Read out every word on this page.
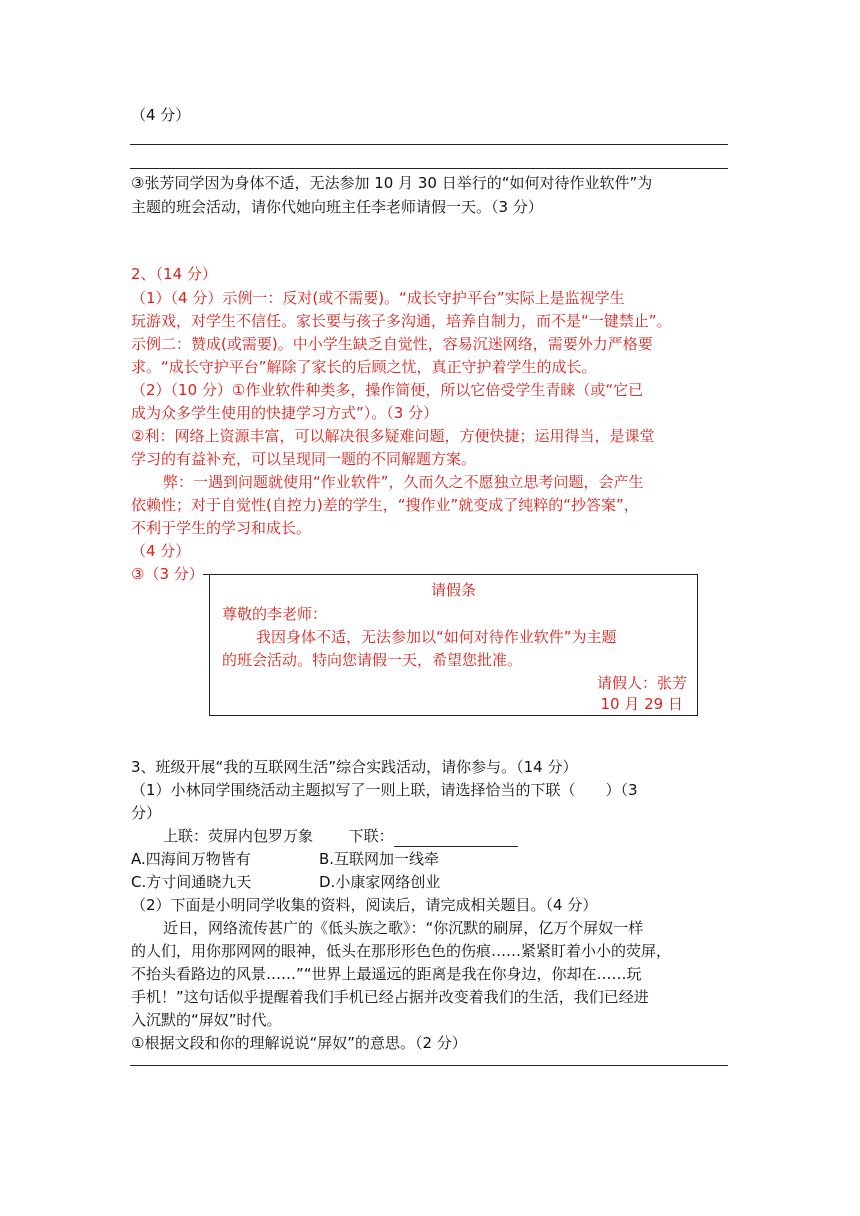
（4 分）
③张芳同学因为身体不适，无法参加 10 月 30 日举行的“如何对待作业软件”为
主题的班会活动，请你代她向班主任李老师请假一天。（3 分）
2、（14 分）
（1）（4 分）示例一：反对(或不需要)。“成长守护平台”实际上是监视学生
玩游戏，对学生不信任。家长要与孩子多沟通，培养自制力，而不是“一键禁止”。
示例二：赞成(或需要)。中小学生缺乏自觉性，容易沉迷网络，需要外力严格要
求。“成长守护平台”解除了家长的后顾之忧，真正守护着学生的成长。
（2）（10 分）①作业软件种类多，操作简便，所以它倍受学生青睐（或“它已
成为众多学生使用的快捷学习方式”）。（3 分）
②利：网络上资源丰富，可以解决很多疑难问题，方便快捷；运用得当，是课堂
学习的有益补充，可以呈现同一题的不同解题方案。
弊：一遇到问题就使用“作业软件”，久而久之不愿独立思考问题，会产生
依赖性；对于自觉性(自控力)差的学生，“搜作业”就变成了纯粹的“抄答案”，
不利于学生的学习和成长。
（4 分）
③（3 分）
请假条
尊敬的李老师：
我因身体不适，无法参加以“如何对待作业软件”为主题
的班会活动。特向您请假一天，希望您批准。
请假人：张芳
10 月 29 日
3、班级开展“我的互联网生活”综合实践活动，请你参与。（14 分）
（1）小林同学围绕活动主题拟写了一则上联，请选择恰当的下联（　　）（3
分）
上联：荧屏内包罗万象 下联：
A.四海间万物皆有	B.互联网加一线牵
C.方寸间通晓九天	D.小康家网络创业
（2）下面是小明同学收集的资料，阅读后，请完成相关题目。（4 分）
近日，网络流传甚广的《低头族之歌》：“你沉默的刷屏，亿万个屏奴一样
的人们，用你那网网的眼神，低头在那形形色色的伤痕……紧紧盯着小小的荧屏，
不抬头看路边的风景……”“世界上最遥远的距离是我在你身边，你却在……玩
手机！”这句话似乎提醒着我们手机已经占据并改变着我们的生活，我们已经进
入沉默的“屏奴”时代。
①根据文段和你的理解说说“屏奴”的意思。（2 分）
